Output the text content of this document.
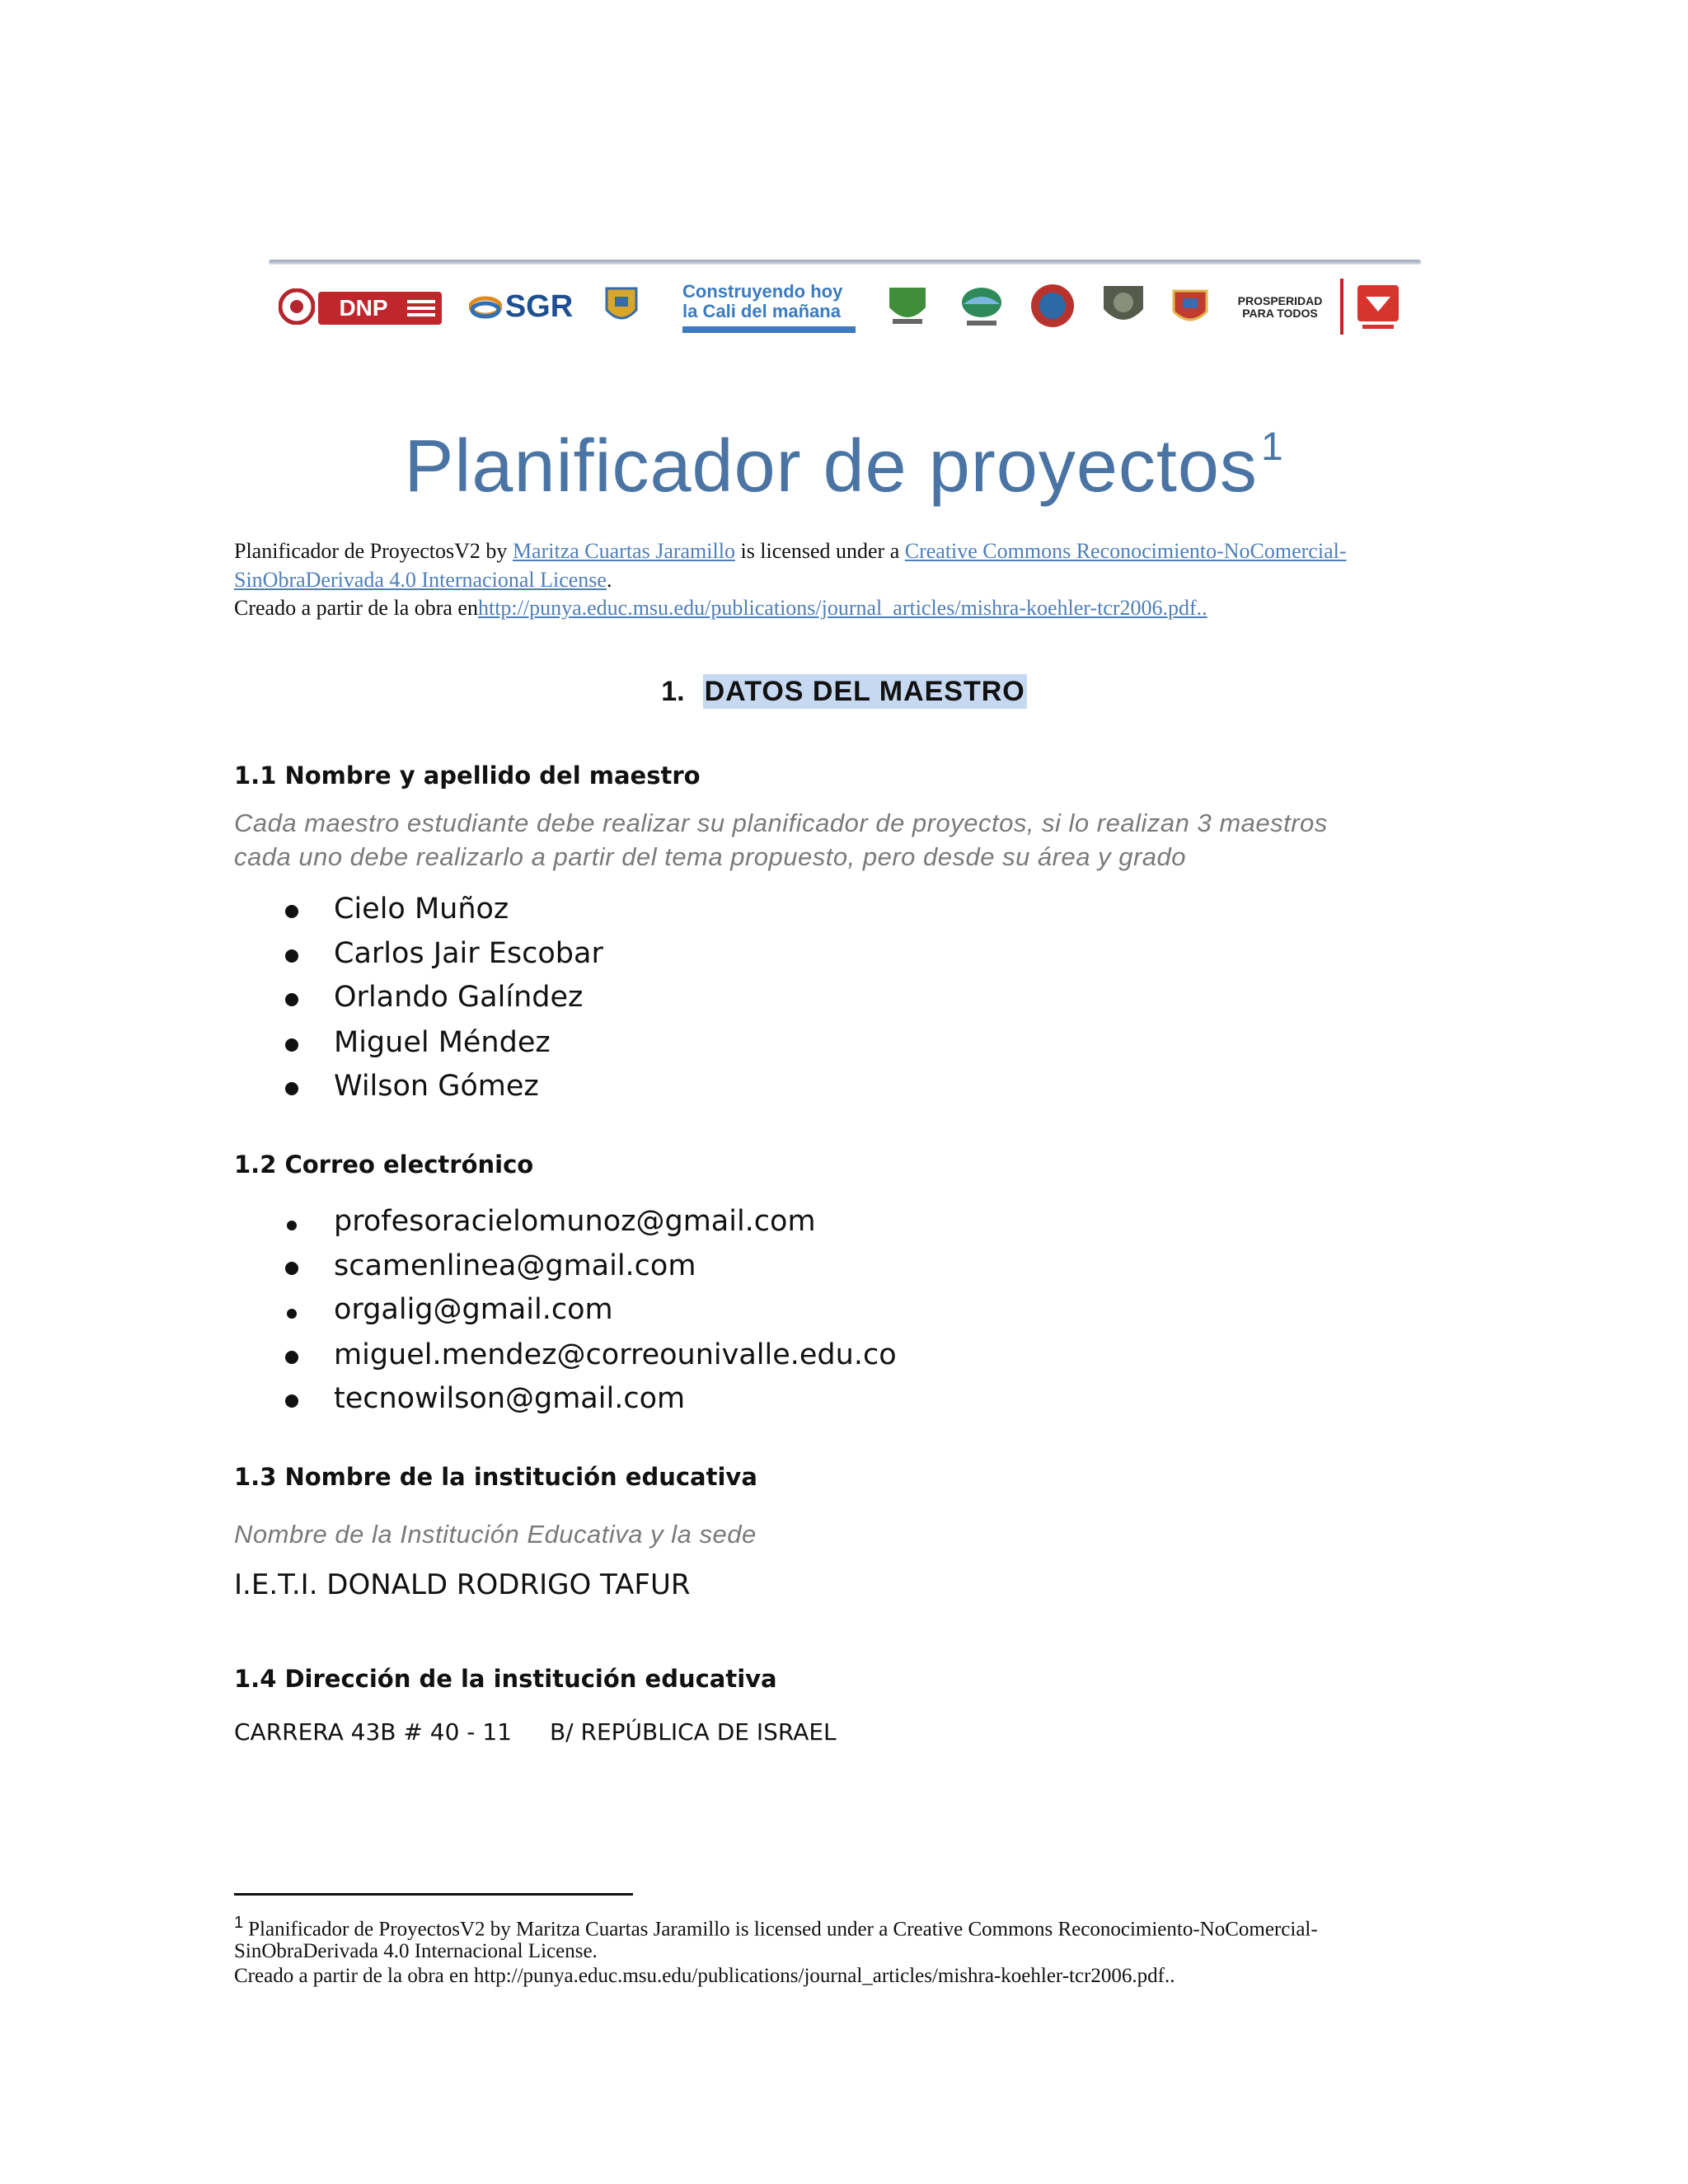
DNP	SGR	Construyendo hoy la Cali del mañana	PROSPERIDAD PARA TODOS
Planificador de proyectos$^1$
Planificador de ProyectosV2 by Maritza Cuartas Jaramillo is licensed under a Creative Commons Reconocimiento-NoComercial-
SinObraDerivada 4.0 Internacional License.
Creado a partir de la obra enhttp://punya.educ.msu.edu/publications/journal_articles/mishra-koehler-tcr2006.pdf..
1. DATOS DEL MAESTRO
1.1 Nombre y apellido del maestro
Cada maestro estudiante debe realizar su planificador de proyectos, si lo realizan 3 maestros
cada uno debe realizarlo a partir del tema propuesto, pero desde su área y grado
Cielo Muñoz
Carlos Jair Escobar
Orlando Galíndez
Miguel Méndez
Wilson Gómez
1.2 Correo electrónico
profesoracielomunoz@gmail.com
scamenlinea@gmail.com
orgalig@gmail.com
miguel.mendez@correounivalle.edu.co
tecnowilson@gmail.com
1.3 Nombre de la institución educativa
Nombre de la Institución Educativa y la sede
I.E.T.I. DONALD RODRIGO TAFUR
1.4 Dirección de la institución educativa
CARRERA 43B # 40 - 11 B/ REPÚBLICA DE ISRAEL
$^1$ Planificador de ProyectosV2 by Maritza Cuartas Jaramillo is licensed under a Creative Commons Reconocimiento-NoComercial-
SinObraDerivada 4.0 Internacional License.
Creado a partir de la obra en http://punya.educ.msu.edu/publications/journal_articles/mishra-koehler-tcr2006.pdf..
